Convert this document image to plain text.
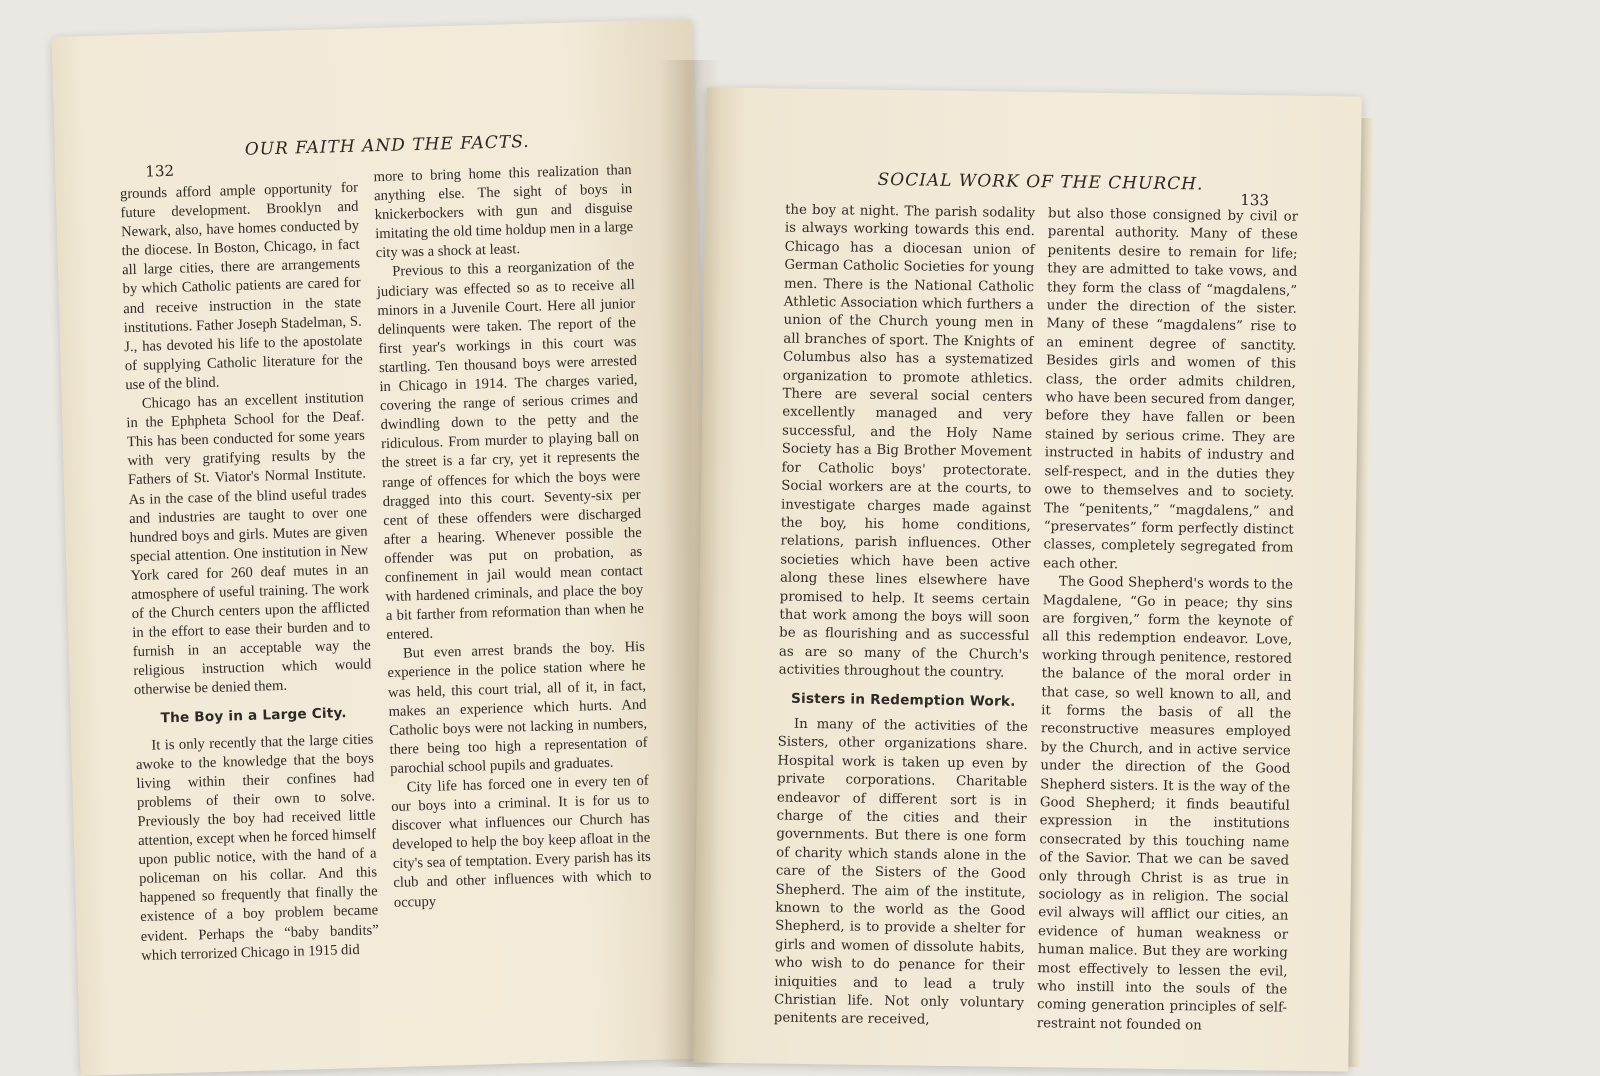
132
OUR FAITH AND THE FACTS.

grounds afford ample opportunity for future development. Brooklyn and Newark, also, have homes conducted by the diocese. In Boston, Chicago, in fact all large cities, there are arrangements by which Catholic patients are cared for and receive instruction in the state institutions. Father Joseph Stadelman, S. J., has devoted his life to the apostolate of supplying Catholic literature for the use of the blind.

Chicago has an excellent institution in the Ephpheta School for the Deaf. This has been conducted for some years with very gratifying results by the Fathers of St. Viator's Normal Institute. As in the case of the blind useful trades and industries are taught to over one hundred boys and girls. Mutes are given special attention. One institution in New York cared for 260 deaf mutes in an atmosphere of useful training. The work of the Church centers upon the afflicted in the effort to ease their burden and to furnish in an acceptable way the religious instruction which would otherwise be denied them.

The Boy in a Large City.

It is only recently that the large cities awoke to the knowledge that the boys living within their confines had problems of their own to solve. Previously the boy had received little attention, except when he forced himself upon public notice, with the hand of a policeman on his collar. And this happened so frequently that finally the existence of a boy problem became evident. Perhaps the “baby bandits” which terrorized Chicago in 1915 did

more to bring home this realization than anything else. The sight of boys in knickerbockers with gun and disguise imitating the old time holdup men in a large city was a shock at least.

Previous to this a reorganization of the judiciary was effected so as to receive all minors in a Juvenile Court. Here all junior delinquents were taken. The report of the first year's workings in this court was startling. Ten thousand boys were arrested in Chicago in 1914. The charges varied, covering the range of serious crimes and dwindling down to the petty and the ridiculous. From murder to playing ball on the street is a far cry, yet it represents the range of offences for which the boys were dragged into this court. Seventy-six per cent of these offenders were discharged after a hearing. Whenever possible the offender was put on probation, as confinement in jail would mean contact with hardened criminals, and place the boy a bit farther from reformation than when he entered.

But even arrest brands the boy. His experience in the police station where he was held, this court trial, all of it, in fact, makes an experience which hurts. And Catholic boys were not lacking in numbers, there being too high a representation of parochial school pupils and graduates.

City life has forced one in every ten of our boys into a criminal. It is for us to discover what influences our Church has developed to help the boy keep afloat in the city's sea of temptation. Every parish has its club and other influences with which to occupy

SOCIAL WORK OF THE CHURCH.
133

the boy at night. The parish sodality is always working towards this end. Chicago has a diocesan union of German Catholic Societies for young men. There is the National Catholic Athletic Association which furthers a union of the Church young men in all branches of sport. The Knights of Columbus also has a systematized organization to promote athletics. There are several social centers excellently managed and very successful, and the Holy Name Society has a Big Brother Movement for Catholic boys' protectorate. Social workers are at the courts, to investigate charges made against the boy, his home conditions, relations, parish influences. Other societies which have been active along these lines elsewhere have promised to help. It seems certain that work among the boys will soon be as flourishing and as successful as are so many of the Church's activities throughout the country.

Sisters in Redemption Work.

In many of the activities of the Sisters, other organizations share. Hospital work is taken up even by private corporations. Charitable endeavor of different sort is in charge of the cities and their governments. But there is one form of charity which stands alone in the care of the Sisters of the Good Shepherd. The aim of the institute, known to the world as the Good Shepherd, is to provide a shelter for girls and women of dissolute habits, who wish to do penance for their iniquities and to lead a truly Christian life. Not only voluntary penitents are received,

but also those consigned by civil or parental authority. Many of these penitents desire to remain for life; they are admitted to take vows, and they form the class of “magdalens,” under the direction of the sister. Many of these “magdalens” rise to an eminent degree of sanctity. Besides girls and women of this class, the order admits children, who have been secured from danger, before they have fallen or been stained by serious crime. They are instructed in habits of industry and self-respect, and in the duties they owe to themselves and to society. The “penitents,” “magdalens,” and “preservates” form perfectly distinct classes, completely segregated from each other.

The Good Shepherd's words to the Magdalene, “Go in peace; thy sins are forgiven,” form the keynote of all this redemption endeavor. Love, working through penitence, restored the balance of the moral order in that case, so well known to all, and it forms the basis of all the reconstructive measures employed by the Church, and in active service under the direction of the Good Shepherd sisters. It is the way of the Good Shepherd; it finds beautiful expression in the institutions consecrated by this touching name of the Savior. That we can be saved only through Christ is as true in sociology as in religion. The social evil always will afflict our cities, an evidence of human weakness or human malice. But they are working most effectively to lessen the evil, who instill into the souls of the coming generation principles of self-restraint not founded on
